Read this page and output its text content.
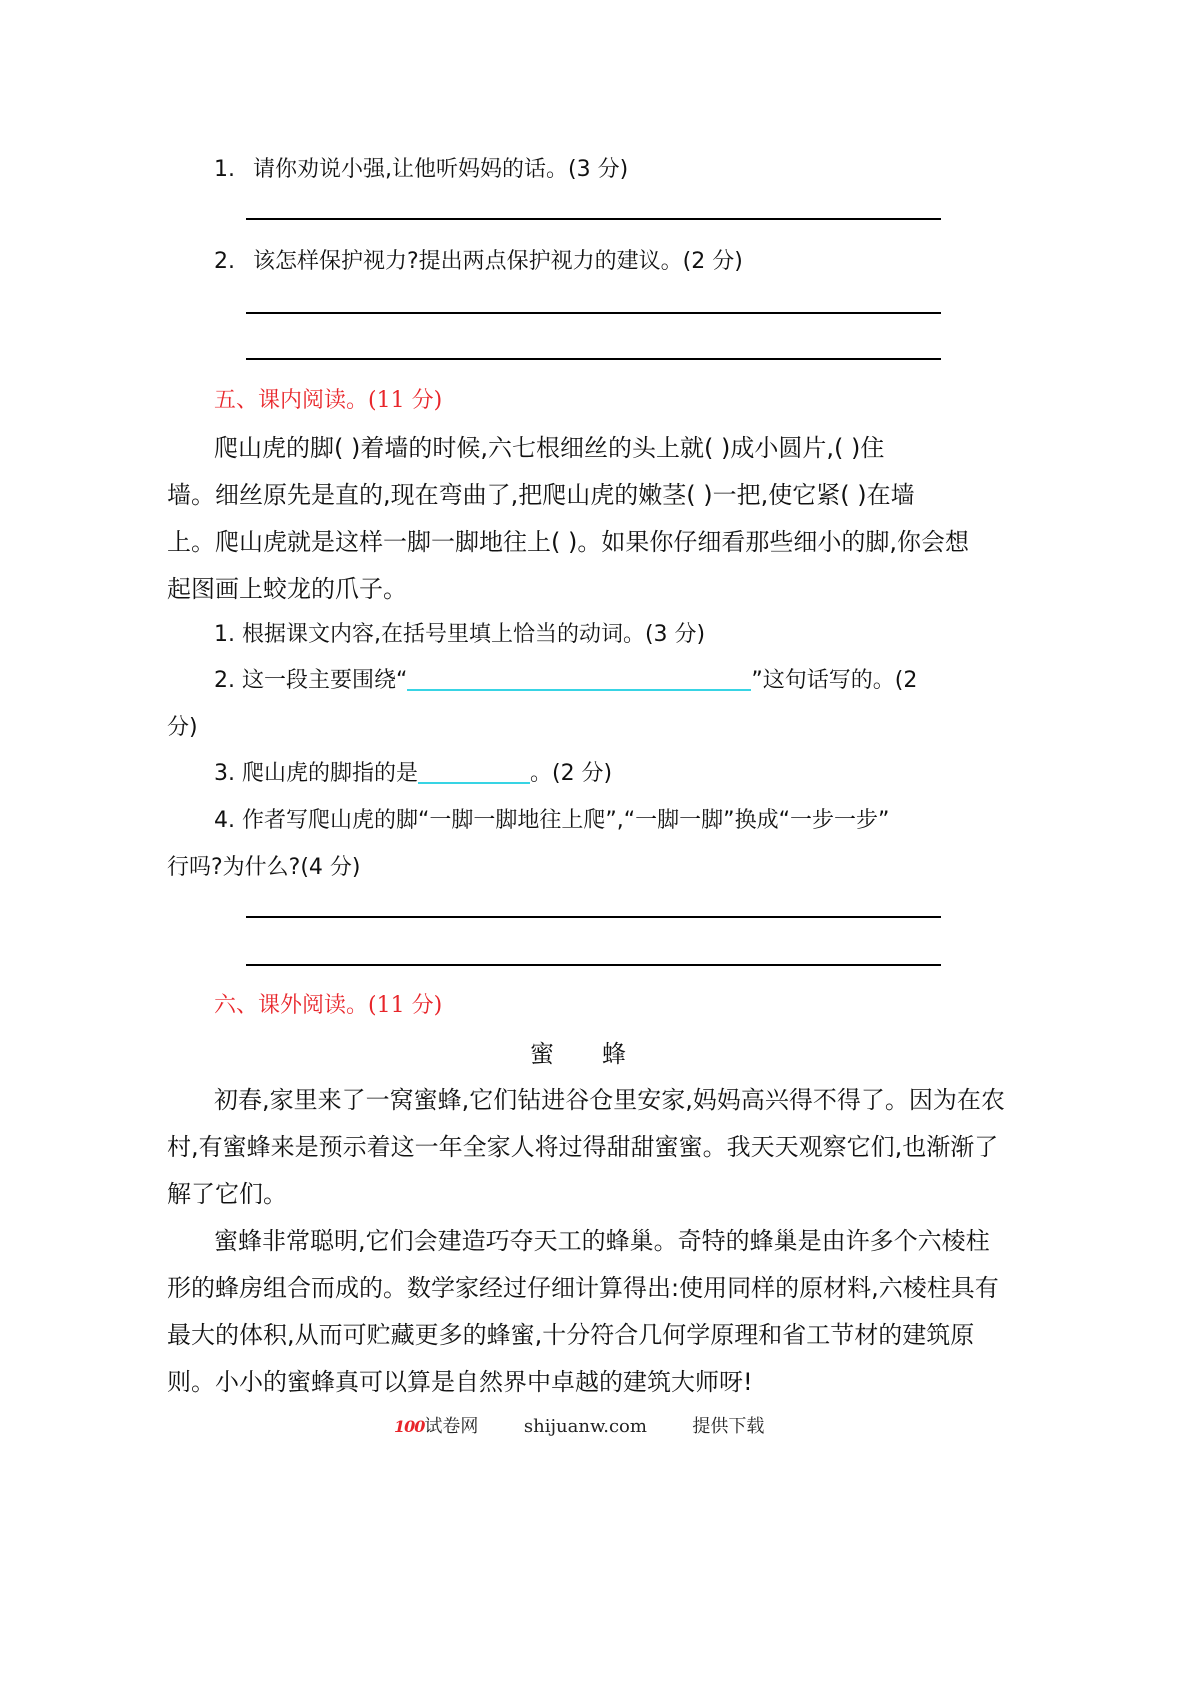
1. 请你劝说小强,让他听妈妈的话。(3 分)
2. 该怎样保护视力?提出两点保护视力的建议。(2 分)
五、课内阅读。(11 分)
爬山虎的脚( )着墙的时候,六七根细丝的头上就( )成小圆片,( )住
墙。细丝原先是直的,现在弯曲了,把爬山虎的嫩茎( )一把,使它紧( )在墙
上。爬山虎就是这样一脚一脚地往上( )。如果你仔细看那些细小的脚,你会想
起图画上蛟龙的爪子。
1. 根据课文内容,在括号里填上恰当的动词。(3 分)
2. 这一段主要围绕“	”这句话写的。(2
分)
3. 爬山虎的脚指的是	。(2 分)
4. 作者写爬山虎的脚“一脚一脚地往上爬”,“一脚一脚”换成“一步一步”
行吗?为什么?(4 分)
六、课外阅读。(11 分)
蜜　　蜂
初春,家里来了一窝蜜蜂,它们钻进谷仓里安家,妈妈高兴得不得了。因为在农
村,有蜜蜂来是预示着这一年全家人将过得甜甜蜜蜜。我天天观察它们,也渐渐了
解了它们。
蜜蜂非常聪明,它们会建造巧夺天工的蜂巢。奇特的蜂巢是由许多个六棱柱
形的蜂房组合而成的。数学家经过仔细计算得出:使用同样的原材料,六棱柱具有
最大的体积,从而可贮藏更多的蜂蜜,十分符合几何学原理和省工节材的建筑原
则。小小的蜜蜂真可以算是自然界中卓越的建筑大师呀!
100试卷网	shijuanw.com	提供下载
